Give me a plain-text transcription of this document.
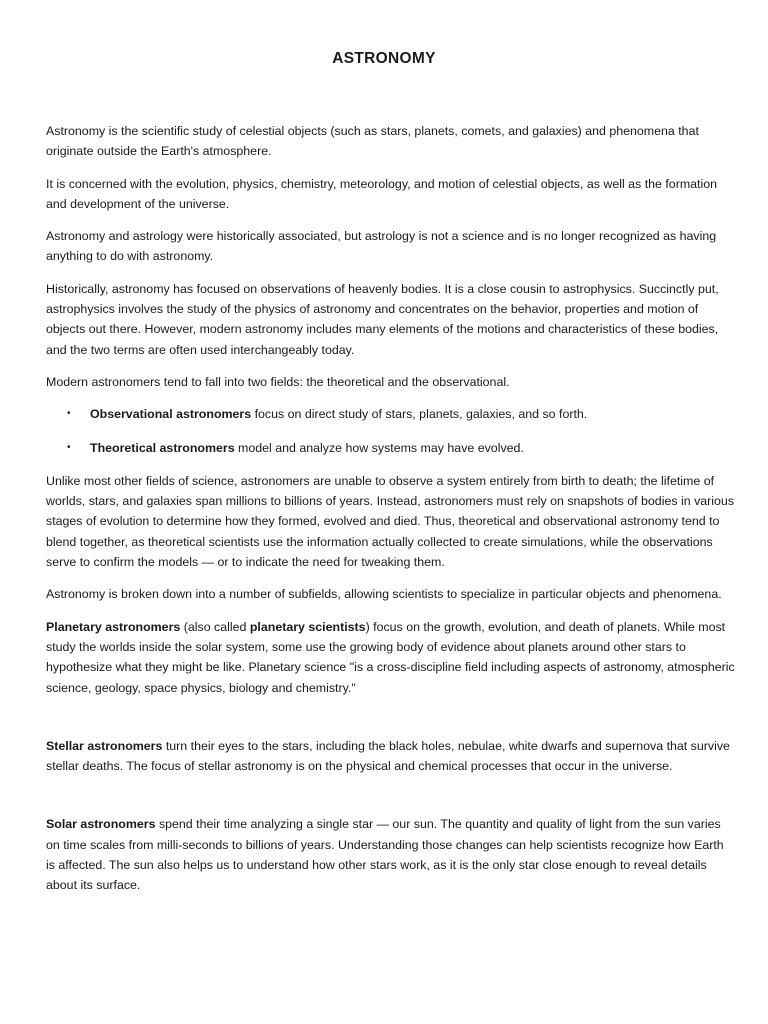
ASTRONOMY

Astronomy is the scientific study of celestial objects (such as stars, planets, comets, and galaxies) and phenomena that originate outside the Earth's atmosphere.

It is concerned with the evolution, physics, chemistry, meteorology, and motion of celestial objects, as well as the formation and development of the universe.

Astronomy and astrology were historically associated, but astrology is not a science and is no longer recognized as having anything to do with astronomy.

Historically, astronomy has focused on observations of heavenly bodies. It is a close cousin to astrophysics. Succinctly put, astrophysics involves the study of the physics of astronomy and concentrates on the behavior, properties and motion of objects out there. However, modern astronomy includes many elements of the motions and characteristics of these bodies, and the two terms are often used interchangeably today.

Modern astronomers tend to fall into two fields: the theoretical and the observational.

• Observational astronomers focus on direct study of stars, planets, galaxies, and so forth.
• Theoretical astronomers model and analyze how systems may have evolved.

Unlike most other fields of science, astronomers are unable to observe a system entirely from birth to death; the lifetime of worlds, stars, and galaxies span millions to billions of years. Instead, astronomers must rely on snapshots of bodies in various stages of evolution to determine how they formed, evolved and died. Thus, theoretical and observational astronomy tend to blend together, as theoretical scientists use the information actually collected to create simulations, while the observations serve to confirm the models — or to indicate the need for tweaking them.

Astronomy is broken down into a number of subfields, allowing scientists to specialize in particular objects and phenomena.

Planetary astronomers (also called planetary scientists) focus on the growth, evolution, and death of planets. While most study the worlds inside the solar system, some use the growing body of evidence about planets around other stars to hypothesize what they might be like. Planetary science "is a cross-discipline field including aspects of astronomy, atmospheric science, geology, space physics, biology and chemistry."

Stellar astronomers turn their eyes to the stars, including the black holes, nebulae, white dwarfs and supernova that survive stellar deaths. The focus of stellar astronomy is on the physical and chemical processes that occur in the universe.

Solar astronomers spend their time analyzing a single star — our sun. The quantity and quality of light from the sun varies on time scales from milli-seconds to billions of years. Understanding those changes can help scientists recognize how Earth is affected. The sun also helps us to understand how other stars work, as it is the only star close enough to reveal details about its surface.
